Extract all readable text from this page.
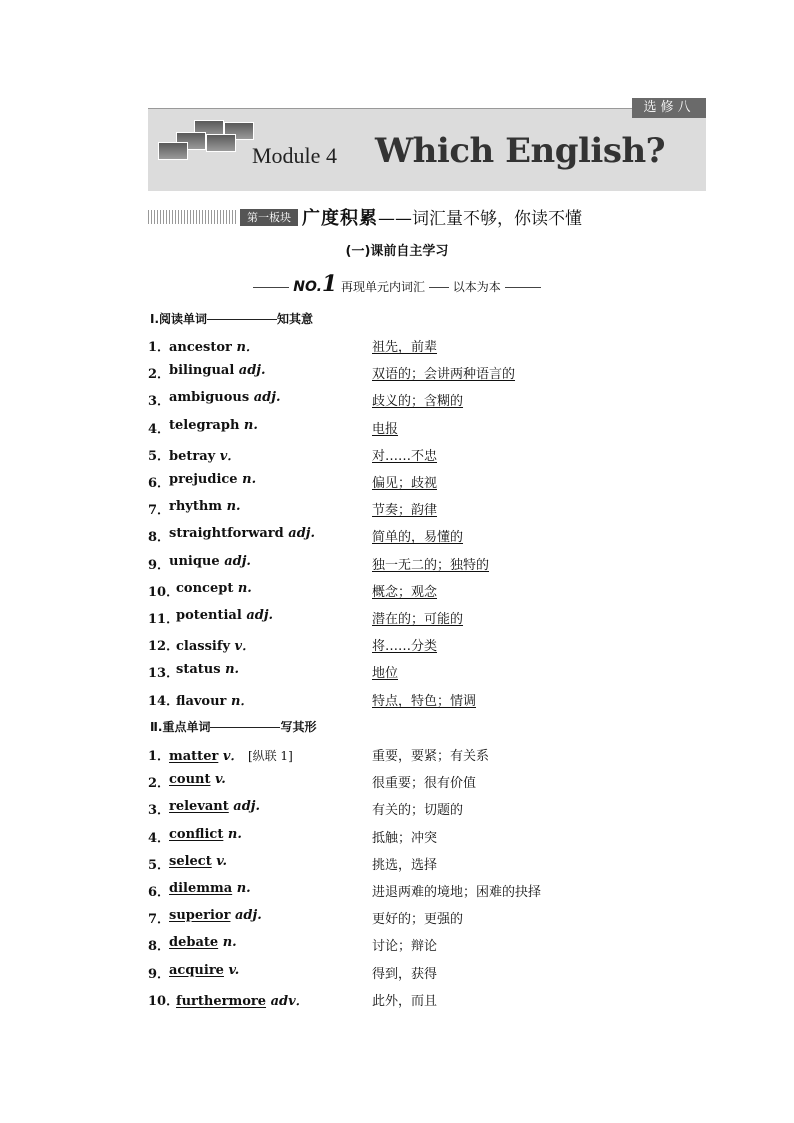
选修八
Module 4 Which English?
第一板块 广度积累——词汇量不够，你读不懂
(一)课前自主学习
NO.1 再现单元内词汇 以本为本
Ⅰ.阅读单词	知其意
1．
ancestor n．	祖先，前辈
2．
bilingual adj.	双语的；会讲两种语言的
3．
ambiguous adj.	歧义的；含糊的
4．
telegraph n.	电报
5．
betray v．	对……不忠
6．
prejudice n.	偏见；歧视
7．
rhythm n.	节奏；韵律
8．
straightforward adj.	简单的，易懂的
9．
unique adj.	独一无二的；独特的
10．
concept n.	概念；观念
11．
potential adj.	潜在的；可能的
12．
classify v．	将……分类
13．
status n.	地位
14．
flavour n．	特点，特色；情调
Ⅱ.重点单词	写其形
1．
matter v． [纵联 1]	重要，要紧；有关系
2．
count v.	很重要；很有价值
3．
relevant adj.	有关的；切题的
4．
conflict n.	抵触；冲突
5．
select v.	挑选，选择
6．
dilemma n.	进退两难的境地；困难的抉择
7．
superior adj.	更好的；更强的
8．
debate n.	讨论；辩论
9．
acquire v.	得到，获得
10．
furthermore adv．	此外，而且
